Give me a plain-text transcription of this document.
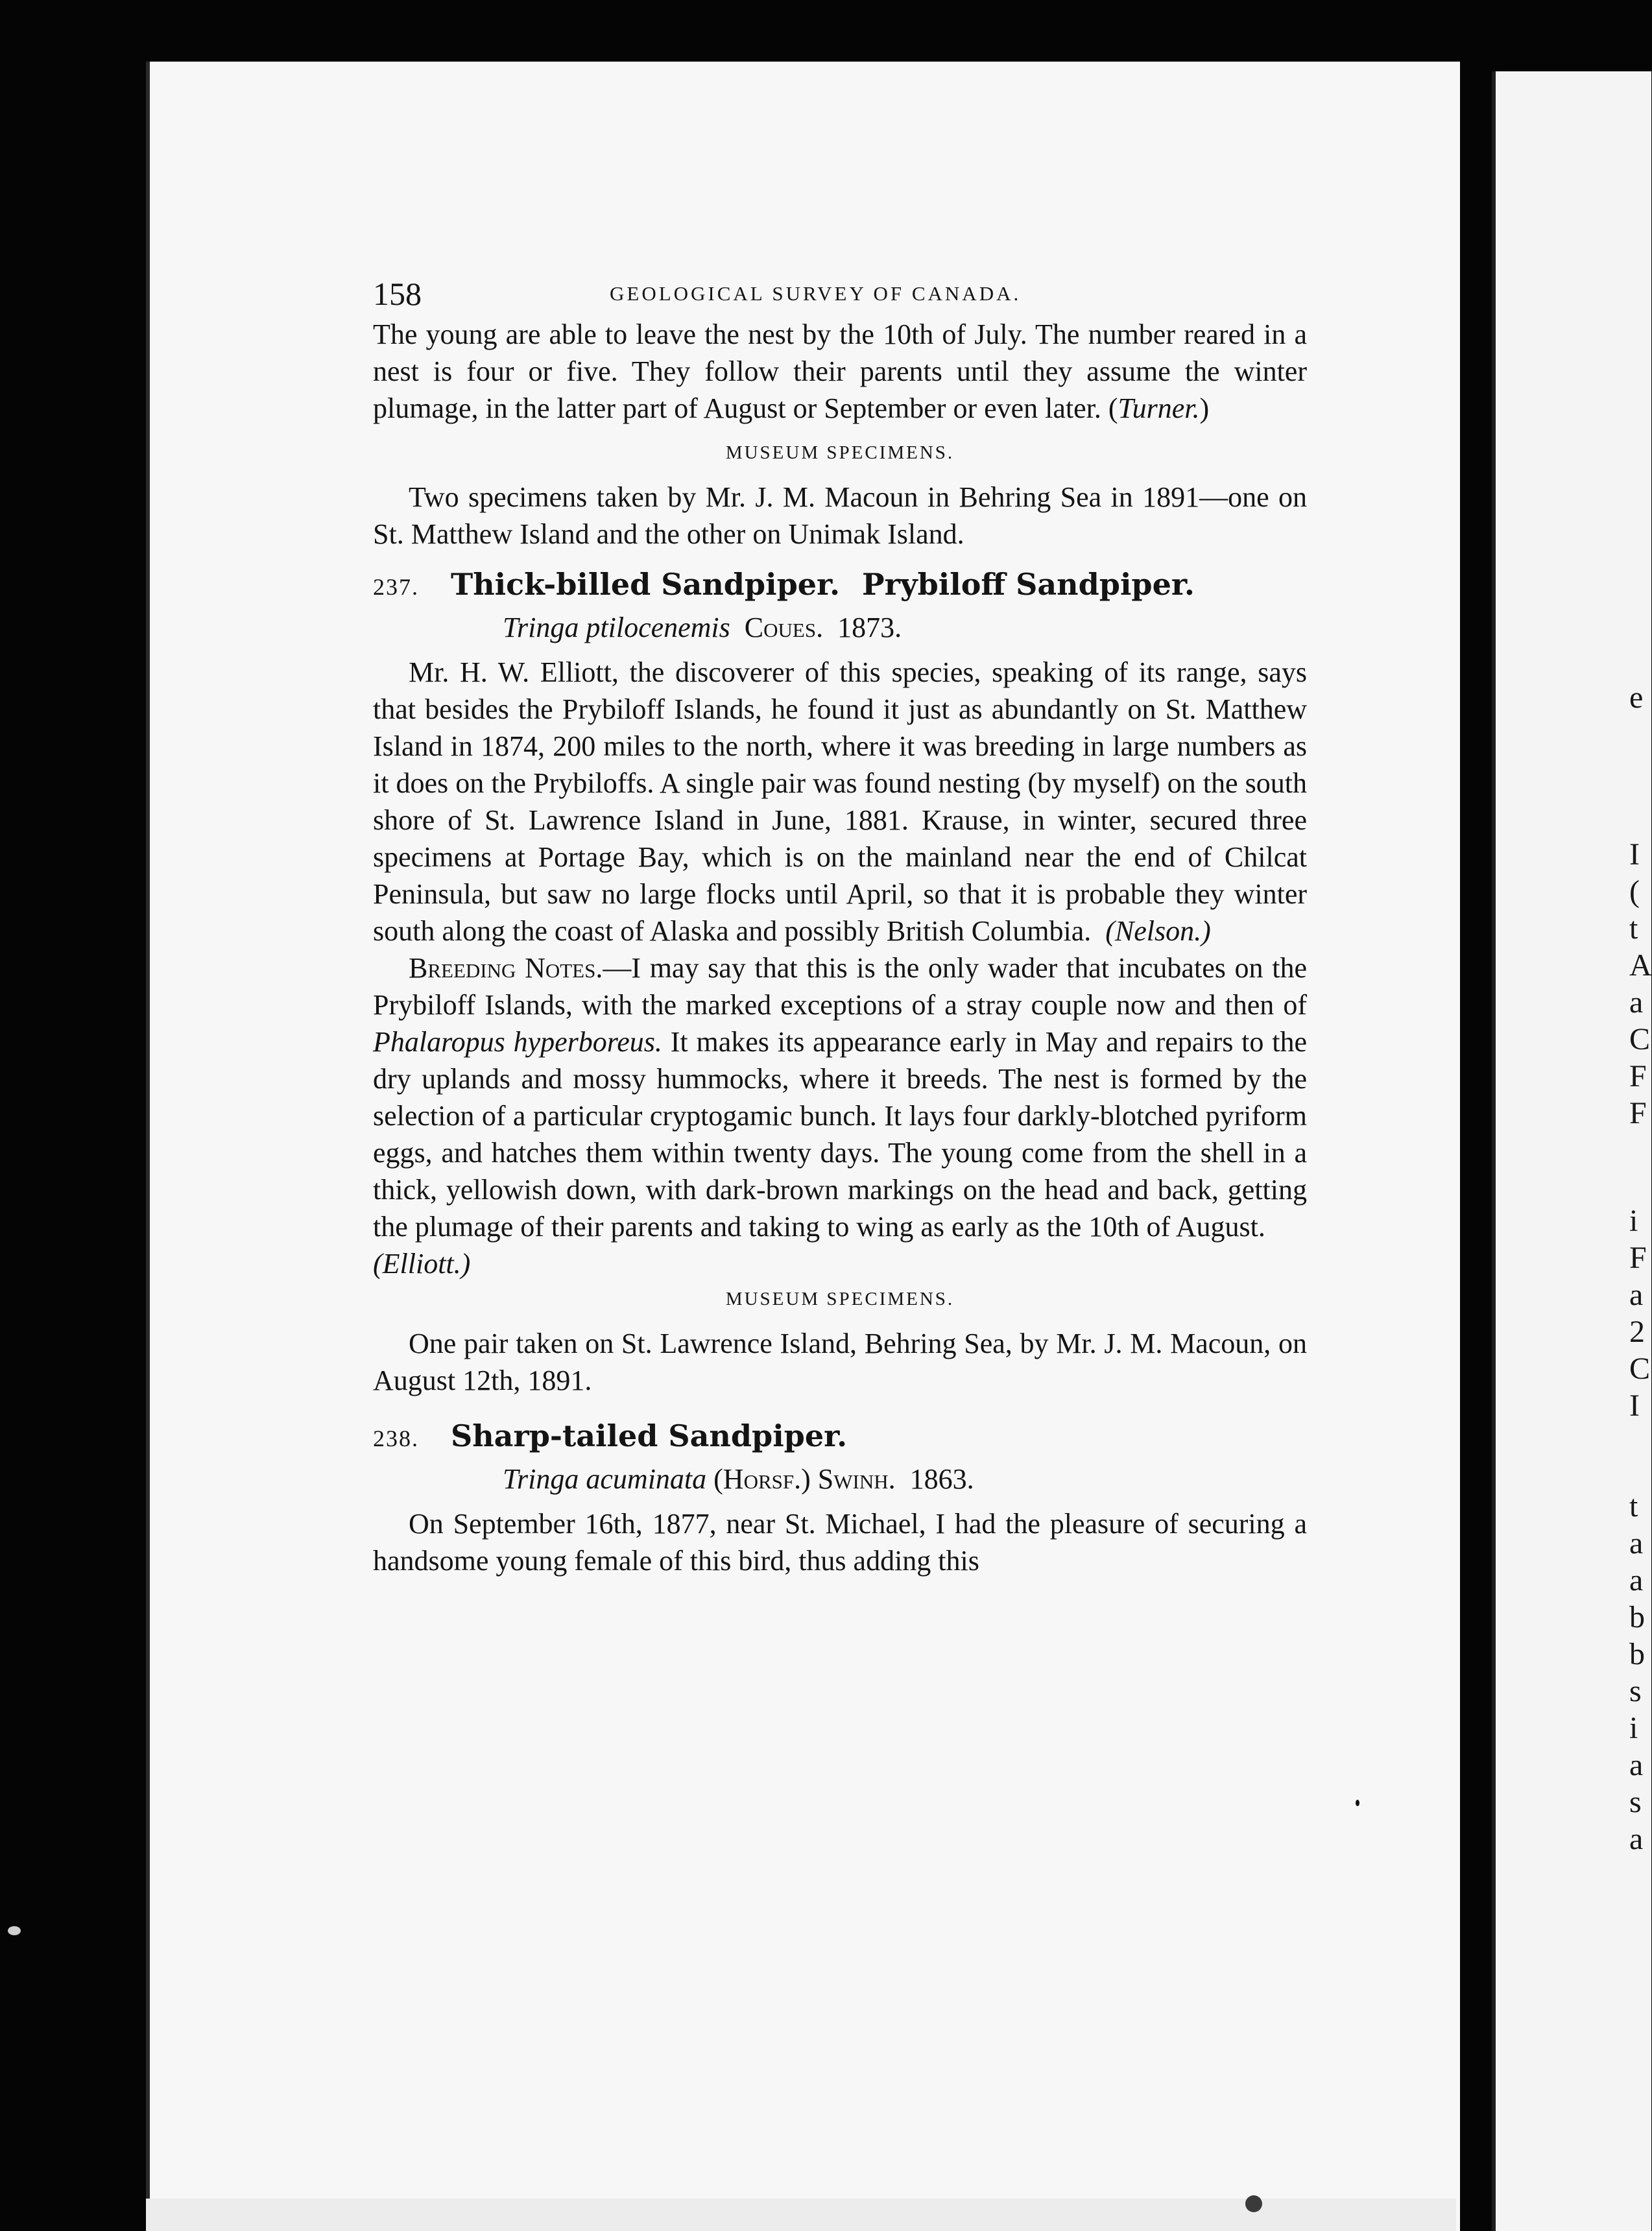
e
I
(
t
A
a
C
F
F
i
F
a
2
C
I
t
a
a
b
b
s
i
a
s
a
158	GEOLOGICAL SURVEY OF CANADA.

The young are able to leave the nest by the 10th of July. The number reared in a nest is four or five. They follow their parents until they assume the winter plumage, in the latter part of August or September or even later. (Turner.)

MUSEUM SPECIMENS.

Two specimens taken by Mr. J. M. Macoun in Behring Sea in 1891—one on St. Matthew Island and the other on Unimak Island.

237. Thick-billed Sandpiper. Prybiloff Sandpiper.
Tringa ptilocenemis Coues. 1873.

Mr. H. W. Elliott, the discoverer of this species, speaking of its range, says that besides the Prybiloff Islands, he found it just as abundantly on St. Matthew Island in 1874, 200 miles to the north, where it was breeding in large numbers as it does on the Prybiloffs. A single pair was found nesting (by myself) on the south shore of St. Lawrence Island in June, 1881. Krause, in winter, secured three specimens at Portage Bay, which is on the mainland near the end of Chilcat Peninsula, but saw no large flocks until April, so that it is probable they winter south along the coast of Alaska and possibly British Columbia. (Nelson.)

Breeding Notes.—I may say that this is the only wader that incubates on the Prybiloff Islands, with the marked exceptions of a stray couple now and then of Phalaropus hyperboreus. It makes its appearance early in May and repairs to the dry uplands and mossy hummocks, where it breeds. The nest is formed by the selection of a particular cryptogamic bunch. It lays four darkly-blotched pyriform eggs, and hatches them within twenty days. The young come from the shell in a thick, yellowish down, with dark-brown markings on the head and back, getting the plumage of their parents and taking to wing as early as the 10th of August.
(Elliott.)

MUSEUM SPECIMENS.

One pair taken on St. Lawrence Island, Behring Sea, by Mr. J. M. Macoun, on August 12th, 1891.

238. Sharp-tailed Sandpiper.
Tringa acuminata (Horsf.) Swinh. 1863.

On September 16th, 1877, near St. Michael, I had the pleasure of securing a handsome young female of this bird, thus adding this
